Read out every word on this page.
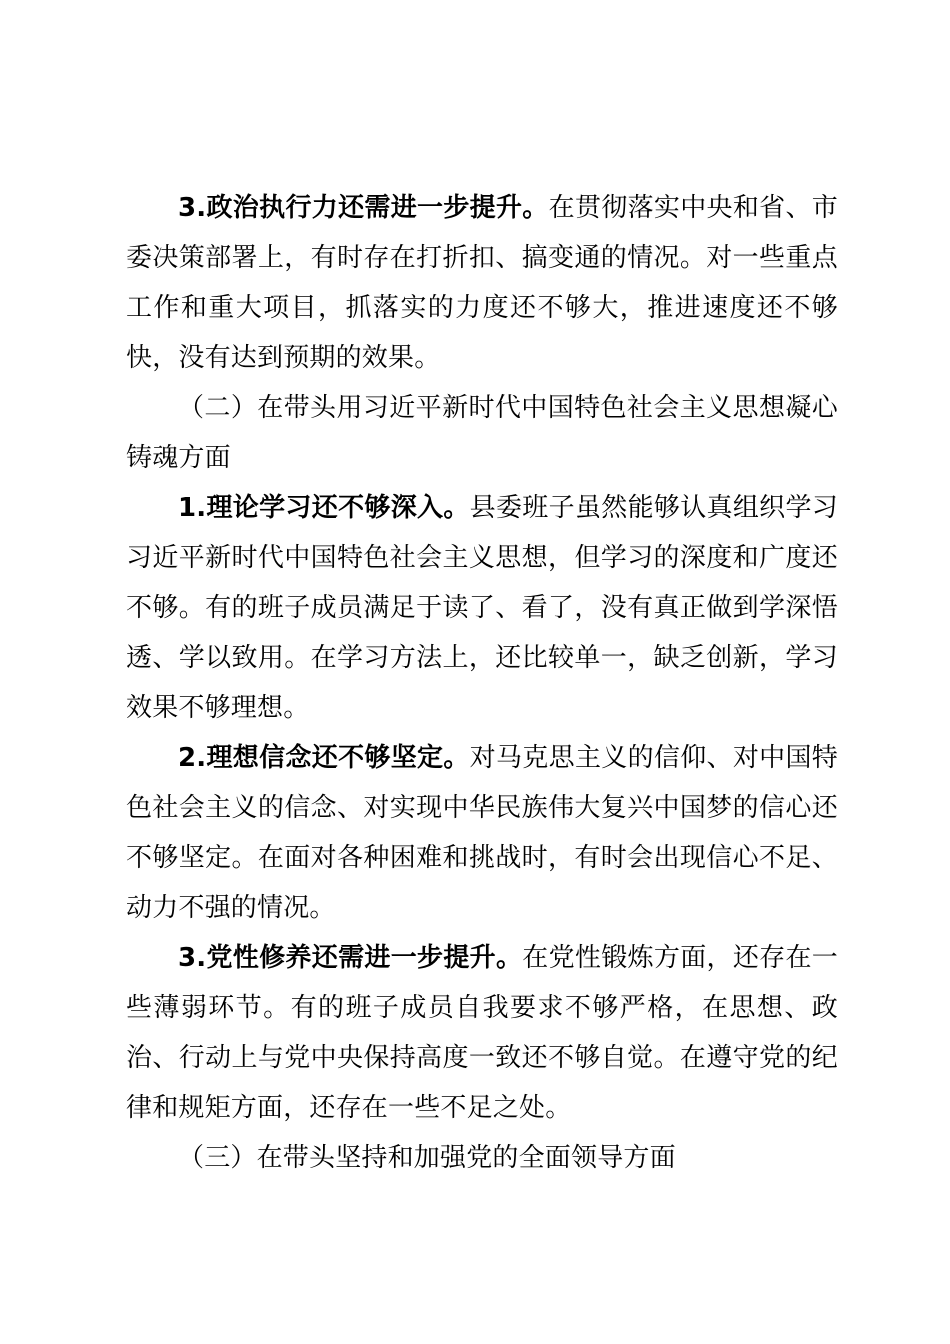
3.政治执行力还需进一步提升。在贯彻落实中央和省、市委决策部署上，有时存在打折扣、搞变通的情况。对一些重点工作和重大项目，抓落实的力度还不够大，推进速度还不够快，没有达到预期的效果。

（二）在带头用习近平新时代中国特色社会主义思想凝心铸魂方面

1.理论学习还不够深入。县委班子虽然能够认真组织学习习近平新时代中国特色社会主义思想，但学习的深度和广度还不够。有的班子成员满足于读了、看了，没有真正做到学深悟透、学以致用。在学习方法上，还比较单一，缺乏创新，学习效果不够理想。

2.理想信念还不够坚定。对马克思主义的信仰、对中国特色社会主义的信念、对实现中华民族伟大复兴中国梦的信心还不够坚定。在面对各种困难和挑战时，有时会出现信心不足、动力不强的情况。

3.党性修养还需进一步提升。在党性锻炼方面，还存在一些薄弱环节。有的班子成员自我要求不够严格，在思想、政治、行动上与党中央保持高度一致还不够自觉。在遵守党的纪律和规矩方面，还存在一些不足之处。

（三）在带头坚持和加强党的全面领导方面
